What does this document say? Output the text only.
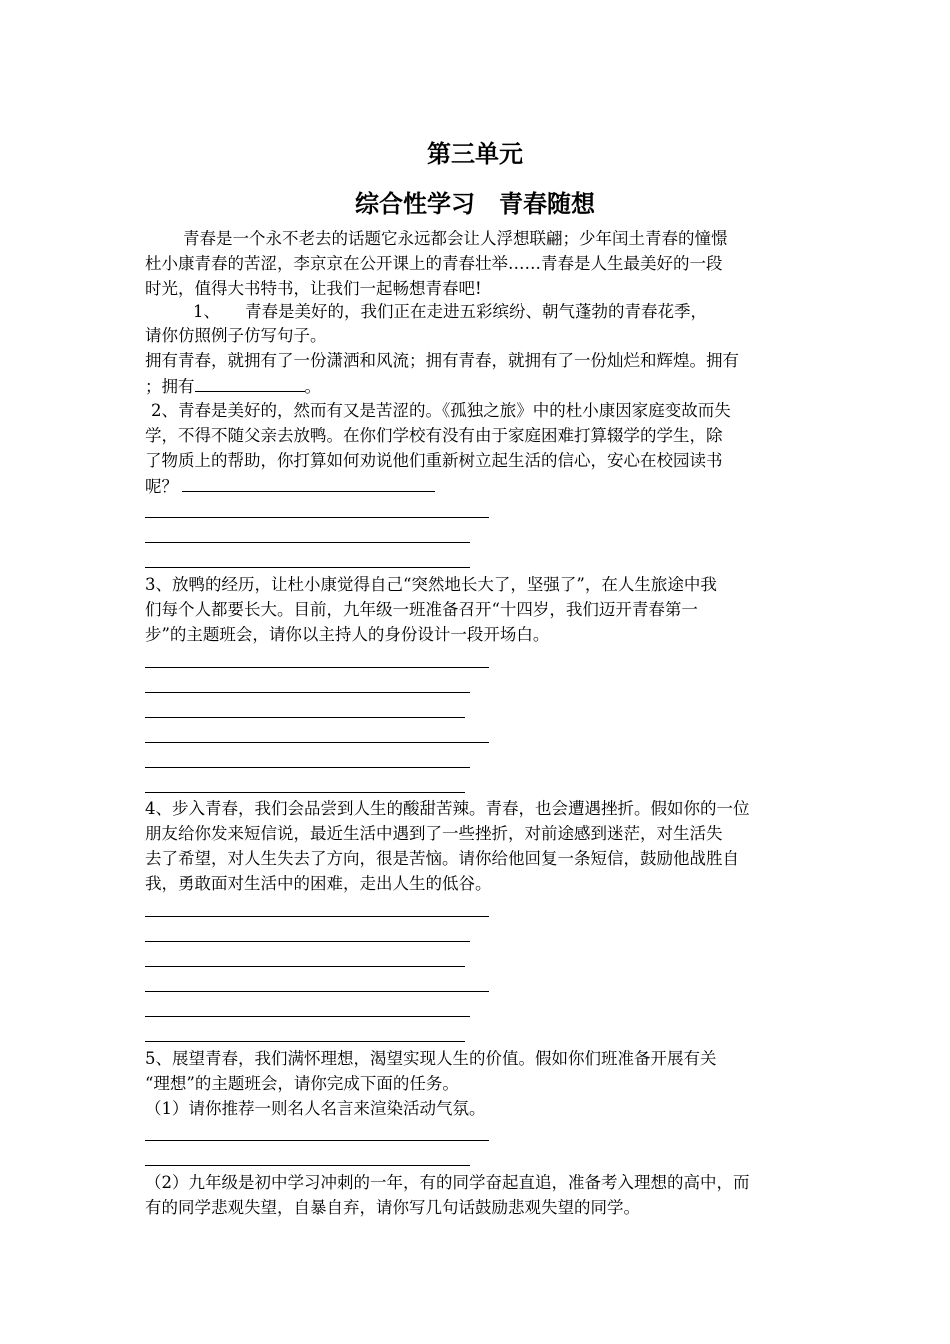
第三单元
综合性学习　青春随想
青春是一个永不老去的话题它永远都会让人浮想联翩；少年闰土青春的憧憬
杜小康青春的苦涩，李京京在公开课上的青春壮举……青春是人生最美好的一段
时光，值得大书特书，让我们一起畅想青春吧!
1、 青春是美好的，我们正在走进五彩缤纷、朝气蓬勃的青春花季，
请你仿照例子仿写句子。
拥有青春，就拥有了一份潇洒和风流；拥有青春，就拥有了一份灿烂和辉煌。拥有
；拥有	。
2、青春是美好的，然而有又是苦涩的。《孤独之旅》中的杜小康因家庭变故而失
学，不得不随父亲去放鸭。在你们学校有没有由于家庭困难打算辍学的学生，除
了物质上的帮助，你打算如何劝说他们重新树立起生活的信心，安心在校园读书
呢？
3、放鸭的经历，让杜小康觉得自己“突然地长大了，坚强了”，在人生旅途中我
们每个人都要长大。目前，九年级一班准备召开“十四岁，我们迈开青春第一
步”的主题班会，请你以主持人的身份设计一段开场白。
4、步入青春，我们会品尝到人生的酸甜苦辣。青春，也会遭遇挫折。假如你的一位
朋友给你发来短信说，最近生活中遇到了一些挫折，对前途感到迷茫，对生活失
去了希望，对人生失去了方向，很是苦恼。请你给他回复一条短信，鼓励他战胜自
我，勇敢面对生活中的困难，走出人生的低谷。
5、展望青春，我们满怀理想，渴望实现人生的价值。假如你们班准备开展有关
“理想”的主题班会，请你完成下面的任务。
（1）请你推荐一则名人名言来渲染活动气氛。
（2）九年级是初中学习冲刺的一年，有的同学奋起直追，准备考入理想的高中，而
有的同学悲观失望，自暴自弃，请你写几句话鼓励悲观失望的同学。
